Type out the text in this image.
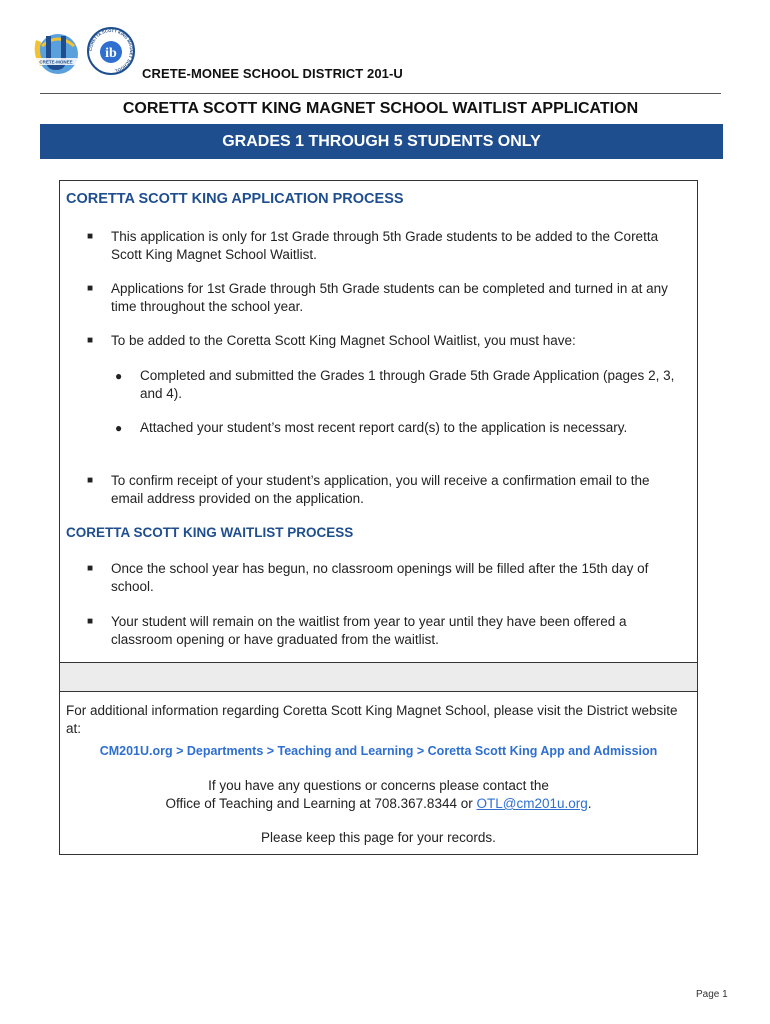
CRETE-MONEE
CORETTA SCOTT KING MAGNET SCHOOL
ib
CRETE-MONEE SCHOOL DISTRICT 201-U
CORETTA SCOTT KING MAGNET SCHOOL WAITLIST APPLICATION
GRADES 1 THROUGH 5 STUDENTS ONLY
CORETTA SCOTT KING APPLICATION PROCESS
■ This application is only for 1st Grade through 5th Grade students to be added to the Coretta Scott King Magnet School Waitlist.
■ Applications for 1st Grade through 5th Grade students can be completed and turned in at any time throughout the school year.
■ To be added to the Coretta Scott King Magnet School Waitlist, you must have:
● Completed and submitted the Grades 1 through Grade 5th Grade Application (pages 2, 3, and 4).
● Attached your student’s most recent report card(s) to the application is necessary.
■ To confirm receipt of your student’s application, you will receive a confirmation email to the email address provided on the application.
CORETTA SCOTT KING WAITLIST PROCESS
■ Once the school year has begun, no classroom openings will be filled after the 15th day of school.
■ Your student will remain on the waitlist from year to year until they have been offered a classroom opening or have graduated from the waitlist.
For additional information regarding Coretta Scott King Magnet School, please visit the District website at:
CM201U.org > Departments > Teaching and Learning > Coretta Scott King App and Admission
If you have any questions or concerns please contact the
Office of Teaching and Learning at 708.367.8344 or OTL@cm201u.org.
Please keep this page for your records.
Page 1
